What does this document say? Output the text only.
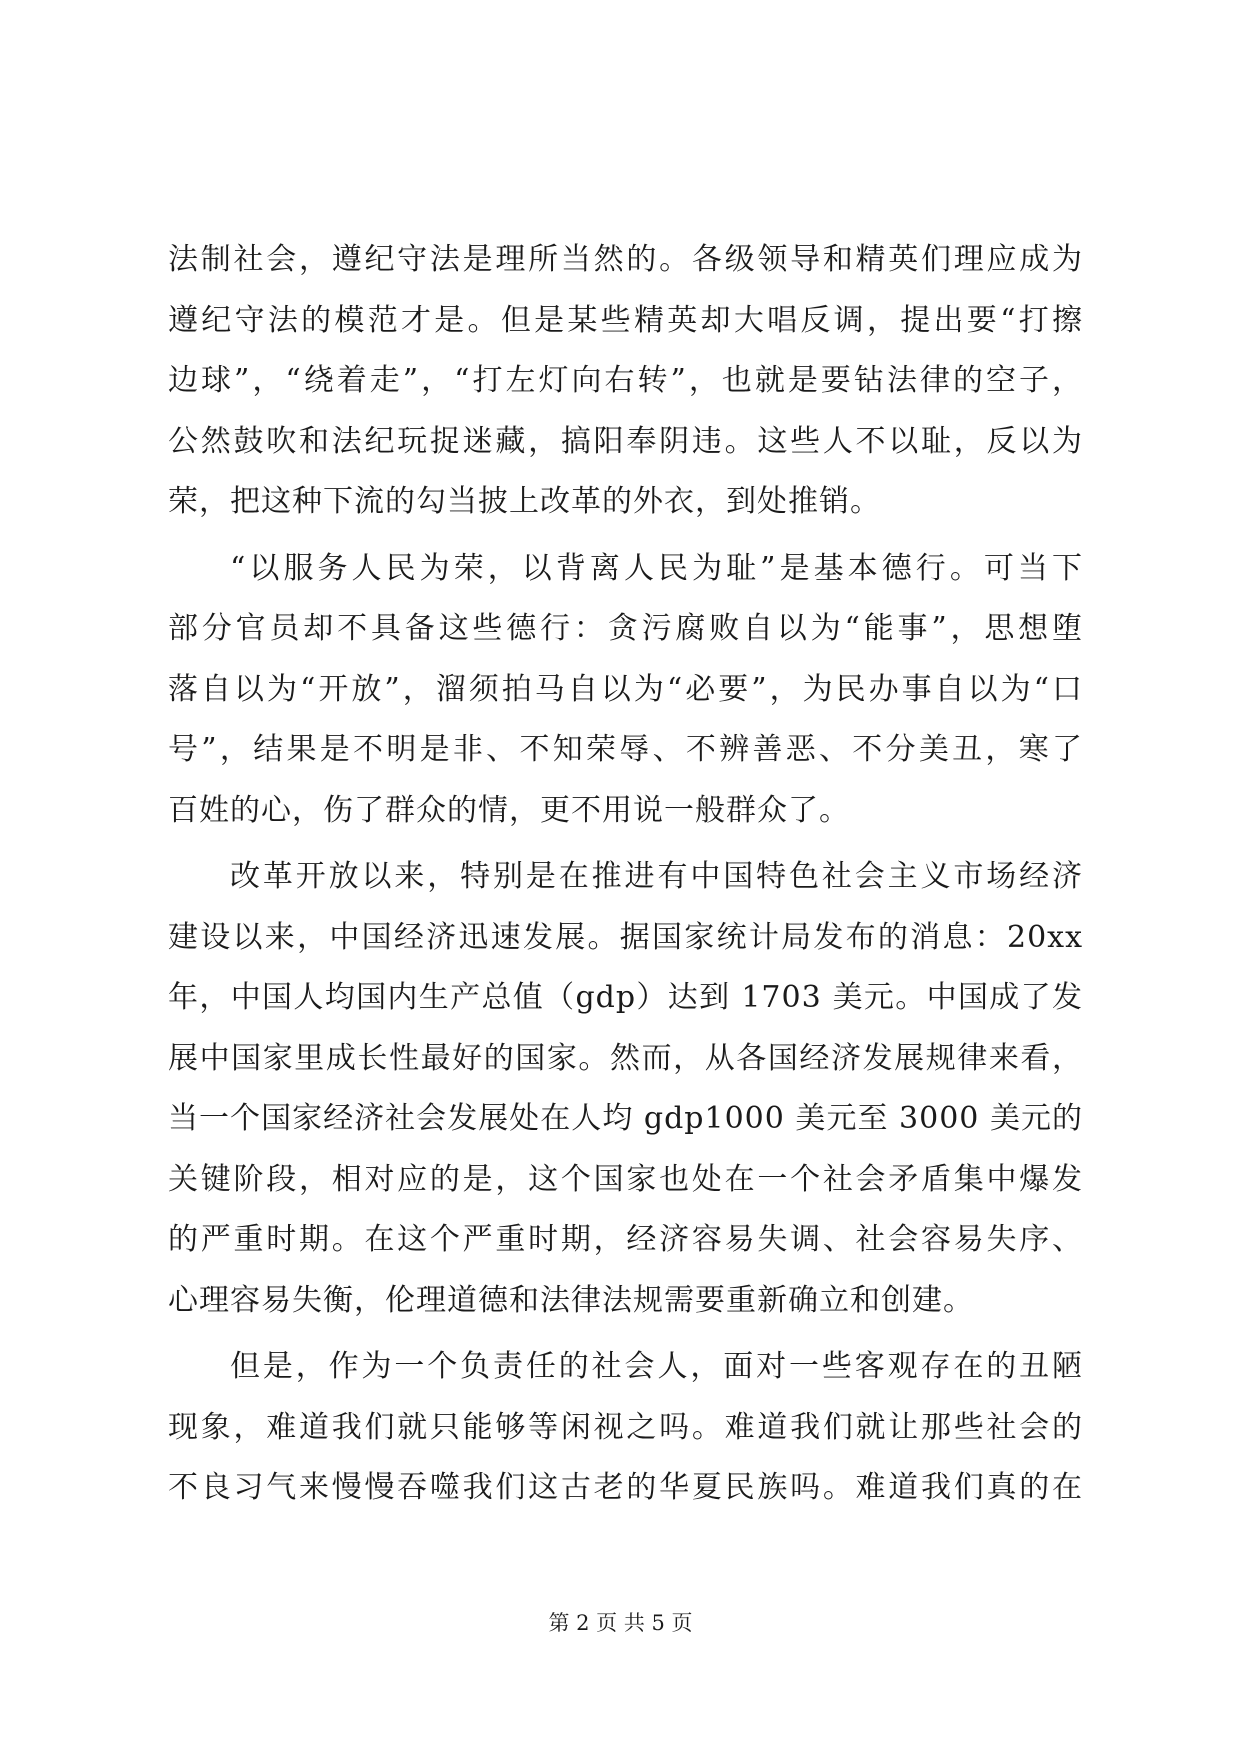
法制社会，遵纪守法是理所当然的。各级领导和精英们理应成为
遵纪守法的模范才是。但是某些精英却大唱反调，提出要“打擦
边球”，“绕着走”，“打左灯向右转”，也就是要钻法律的空子，
公然鼓吹和法纪玩捉迷藏，搞阳奉阴违。这些人不以耻，反以为
荣，把这种下流的勾当披上改革的外衣，到处推销。
“以服务人民为荣，以背离人民为耻”是基本德行。可当下
部分官员却不具备这些德行：贪污腐败自以为“能事”，思想堕
落自以为“开放”，溜须拍马自以为“必要”，为民办事自以为“口
号”，结果是不明是非、不知荣辱、不辨善恶、不分美丑，寒了
百姓的心，伤了群众的情，更不用说一般群众了。
改革开放以来，特别是在推进有中国特色社会主义市场经济
建设以来，中国经济迅速发展。据国家统计局发布的消息：20xx
年，中国人均国内生产总值（gdp）达到 1703 美元。中国成了发
展中国家里成长性最好的国家。然而，从各国经济发展规律来看，
当一个国家经济社会发展处在人均 gdp1000 美元至 3000 美元的
关键阶段，相对应的是，这个国家也处在一个社会矛盾集中爆发
的严重时期。在这个严重时期，经济容易失调、社会容易失序、
心理容易失衡，伦理道德和法律法规需要重新确立和创建。
但是，作为一个负责任的社会人，面对一些客观存在的丑陋
现象，难道我们就只能够等闲视之吗。难道我们就让那些社会的
不良习气来慢慢吞噬我们这古老的华夏民族吗。难道我们真的在
第 2 页 共 5 页
